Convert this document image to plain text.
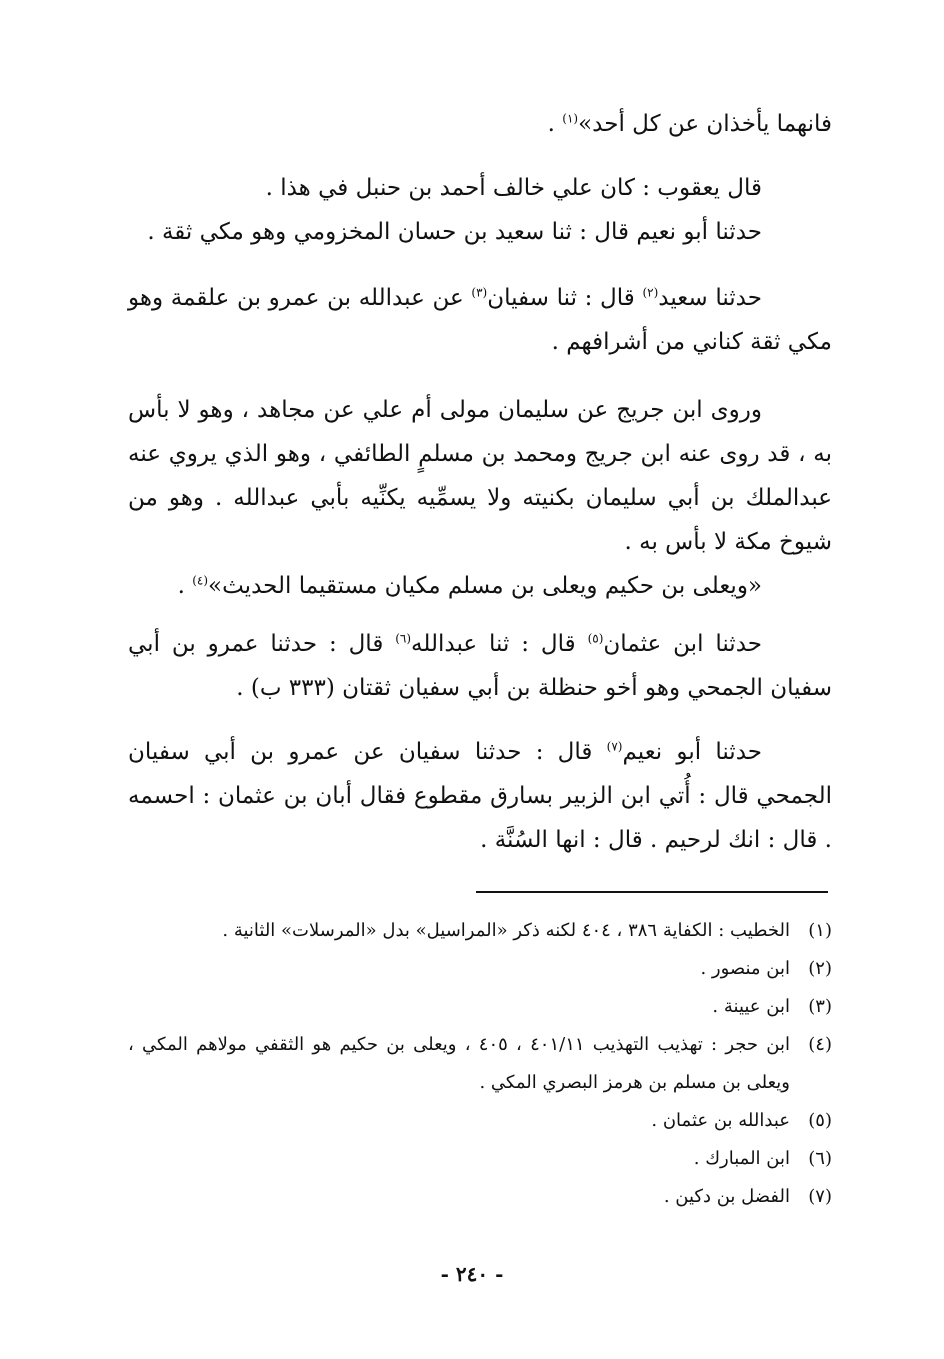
فانهما يأخذان عن كل أحد»$^{(١)}$ .

قال يعقوب : كان علي خالف أحمد بن حنبل في هذا .

حدثنا أبو نعيم قال : ثنا سعيد بن حسان المخزومي وهو مكي ثقة .

حدثنا سعيد$^{(٢)}$ قال : ثنا سفيان$^{(٣)}$ عن عبدالله بن عمرو بن علقمة وهو مكي ثقة كناني من أشرافهم .

وروى ابن جريج عن سليمان مولى أم علي عن مجاهد ، وهو لا بأس به ، قد روى عنه ابن جريج ومحمد بن مسلمٍ الطائفي ، وهو الذي يروي عنه عبدالملك بن أبي سليمان بكنيته ولا يسمِّيه يكنِّيه بأبي عبدالله . وهو من شيوخ مكة لا بأس به .

«ويعلى بن حكيم ويعلى بن مسلم مكيان مستقيما الحديث»$^{(٤)}$ .

حدثنا ابن عثمان$^{(٥)}$ قال : ثنا عبدالله$^{(٦)}$ قال : حدثنا عمرو بن أبي سفيان الجمحي وهو أخو حنظلة بن أبي سفيان ثقتان (٣٣٣ ب) .

حدثنا أبو نعيم$^{(٧)}$ قال : حدثنا سفيان عن عمرو بن أبي سفيان الجمحي قال : أُتي ابن الزبير بسارق مقطوع فقال أبان بن عثمان : احسمه . قال : انك لرحيم . قال : انها السُنَّة .

(١)
الخطيب : الكفاية ٣٨٦ ، ٤٠٤ لكنه ذكر «المراسيل» بدل «المرسلات» الثانية .
(٢)
ابن منصور .
(٣)
ابن عيينة .
(٤)
ابن حجر : تهذيب التهذيب ٤٠١/١١ ، ٤٠٥ ، ويعلى بن حكيم هو الثقفي مولاهم المكي ، ويعلى بن مسلم بن هرمز البصري المكي .
(٥)
عبدالله بن عثمان .
(٦)
ابن المبارك .
(٧)
الفضل بن دكين .
- ٢٤٠ -
